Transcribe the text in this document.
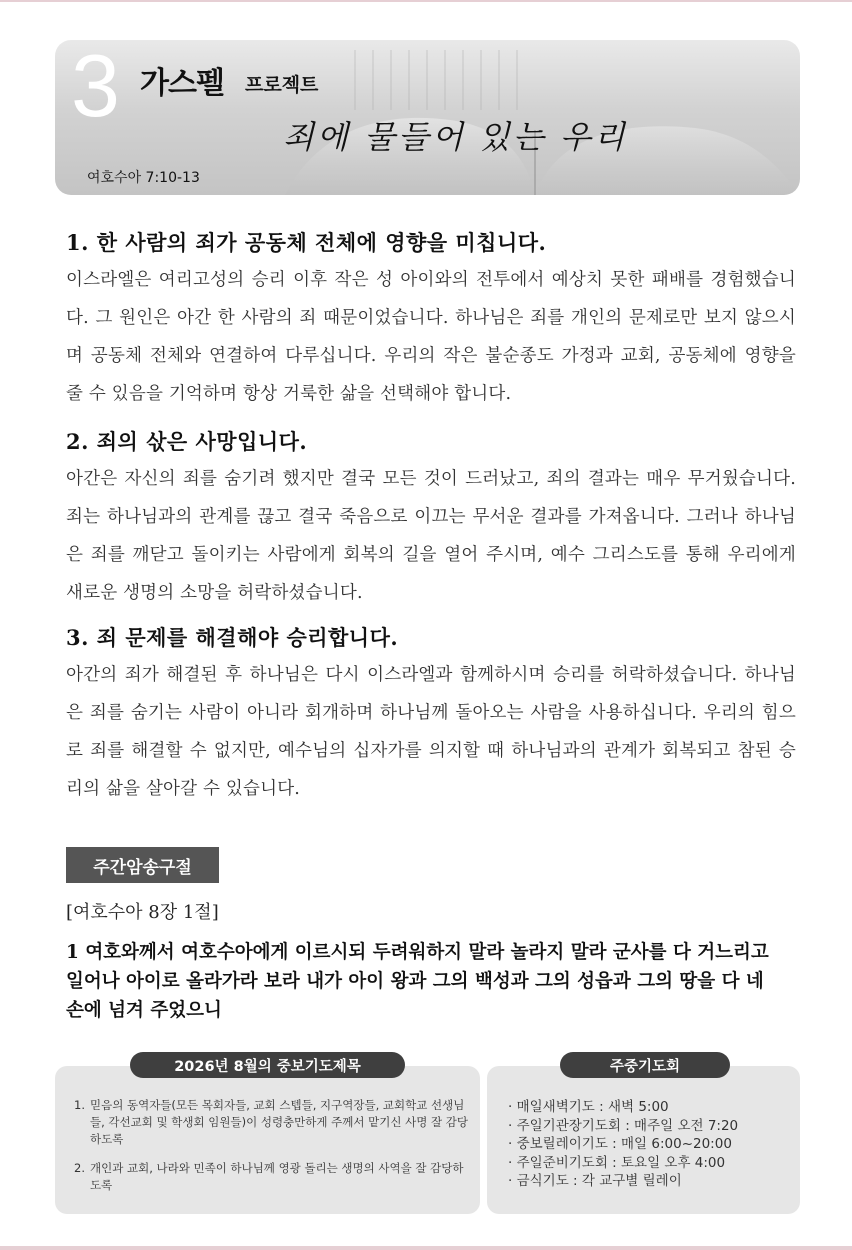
3 가스펠 프로젝트
죄에 물들어 있는 우리
여호수아 7:10-13
1. 한 사람의 죄가 공동체 전체에 영향을 미칩니다.

이스라엘은 여리고성의 승리 이후 작은 성 아이와의 전투에서 예상치 못한 패배를 경험했습니다. 그 원인은 아간 한 사람의 죄 때문이었습니다. 하나님은 죄를 개인의 문제로만 보지 않으시며 공동체 전체와 연결하여 다루십니다. 우리의 작은 불순종도 가정과 교회, 공동체에 영향을 줄 수 있음을 기억하며 항상 거룩한 삶을 선택해야 합니다.

2. 죄의 삯은 사망입니다.

아간은 자신의 죄를 숨기려 했지만 결국 모든 것이 드러났고, 죄의 결과는 매우 무거웠습니다. 죄는 하나님과의 관계를 끊고 결국 죽음으로 이끄는 무서운 결과를 가져옵니다. 그러나 하나님은 죄를 깨닫고 돌이키는 사람에게 회복의 길을 열어 주시며, 예수 그리스도를 통해 우리에게 새로운 생명의 소망을 허락하셨습니다.

3. 죄 문제를 해결해야 승리합니다.

아간의 죄가 해결된 후 하나님은 다시 이스라엘과 함께하시며 승리를 허락하셨습니다. 하나님은 죄를 숨기는 사람이 아니라 회개하며 하나님께 돌아오는 사람을 사용하십니다. 우리의 힘으로 죄를 해결할 수 없지만, 예수님의 십자가를 의지할 때 하나님과의 관계가 회복되고 참된 승리의 삶을 살아갈 수 있습니다.

주간암송구절
[여호수아 8장 1절]

1 여호와께서 여호수아에게 이르시되 두려워하지 말라 놀라지 말라 군사를 다 거느리고 일어나 아이로 올라가라 보라 내가 아이 왕과 그의 백성과 그의 성읍과 그의 땅을 다 네 손에 넘겨 주었으니

2026년 8월의 중보기도제목	주중기도회
1. 믿음의 동역자들(모든 목회자들, 교회 스텝들, 지구역장들, 교회학교 선생님들, 각선교회 및 학생회 임원들)이 성령충만하게 주께서 맡기신 사명 잘 감당하도록
2. 개인과 교회, 나라와 민족이 하나님께 영광 돌리는 생명의 사역을 잘 감당하도록
· 매일새벽기도 : 새벽 5:00
· 주일기관장기도회 : 매주일 오전 7:20
· 중보릴레이기도 : 매일 6:00~20:00
· 주일준비기도회 : 토요일 오후 4:00
· 금식기도 : 각 교구별 릴레이
